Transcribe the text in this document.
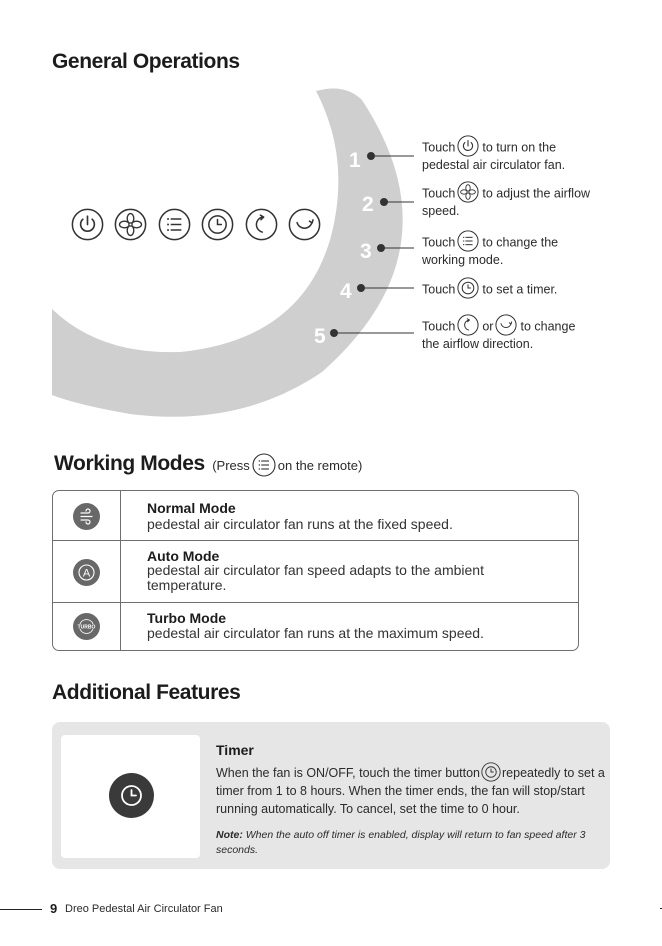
General Operations
1
2
3
4
5
Touch to turn on the
pedestal air circulator fan.
Touch to adjust the airflow
speed.
Touch to change the
working mode.
Touch to set a timer.
Touch or to change
the airflow direction.
Working Modes (Press on the remote)
Normal Mode
pedestal air circulator fan runs at the fixed speed.
A
Auto Mode
pedestal air circulator fan speed adapts to the ambient temperature.
TURBO
Turbo Mode
pedestal air circulator fan runs at the maximum speed.
Additional Features
Timer
When the fan is ON/OFF, touch the timer button repeatedly to set a timer from 1 to 8 hours. When the timer ends, the fan will stop/start running automatically. To cancel, set the time to 0 hour.
Note: When the auto off timer is enabled, display will return to fan speed after 3 seconds.
9 Dreo Pedestal Air Circulator Fan
